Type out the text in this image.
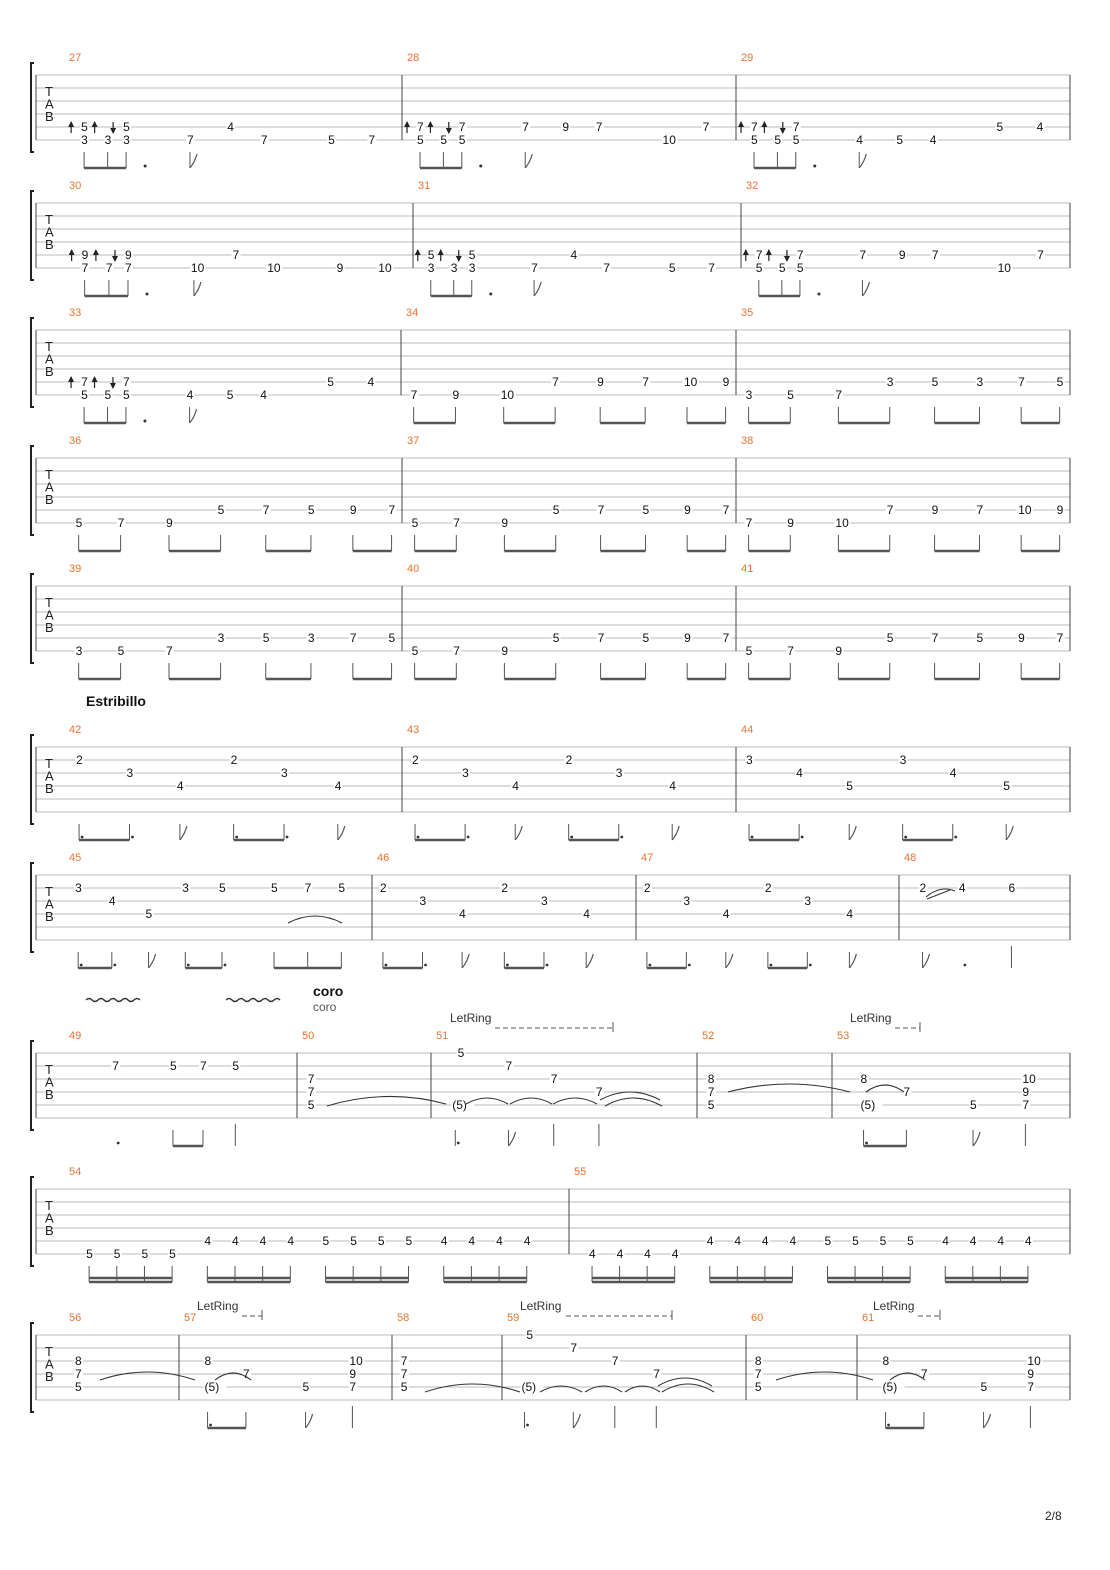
Estribillo
coro
coro
T
A
B
27
5
3 3
5
3	7
4
7	5	7
28
7
5 5
7
5
7	9 7
10
7
29
7
5 5
7
5	4	5 4
5	4
T
A
B
30
9
7 7
9
7	10
7
10	9	10
31
5
3 3
5
3	7
4
7	5	7
32
7
5 5
7
5
7	9 7
10
7
T
A
B
33
7
5 5
7
5	4	5 4
5	4
34
7	9	10
7	9	7	10 9
35
3	5	7
3	5	3	7	5
T
A
B
36
5	7	9
5	7	5	9	7
37
5	7	9
5	7	5	9	7
38
7	9	10
7	9	7	10 9
T
A
B
39
3	5	7
3	5	3	7	5
40
5	7	9
5	7	5	9	7
41
5	7	9
5	7	5	9	7
T
A
B
42
2
3
4
2
3
4
43
2
3
4
2
3
4
44
3
4
5
3
4
5
T
A
B
45
3
4
5
3	5	5 7 5
46
2
3
4
2
3
4
47
2
3
4
2
3
4
48
2	4	6
T
A
B
49
7	5 7 5
50
7
7
5
51
(5)
5
7
7
7
52
8
7
5
53
8
(5)
7
5
10
9
7
T
A
B
54
5 5 5 5
4 4 4 4 5 5 5 5 4 4 4 4
55
4 4 4 4
4 4 4 4 5 5 5 5 4 4 4 4
T
A
B
56
8
7
5
57
8
(5)
7
5
10
9
7
58
7
7
5
59
(5)
5
7
7
7
60
8
7
5
61
8
(5)
7
5
10
9
7
LetRing	LetRing
LetRing	LetRing	LetRing
2/8
